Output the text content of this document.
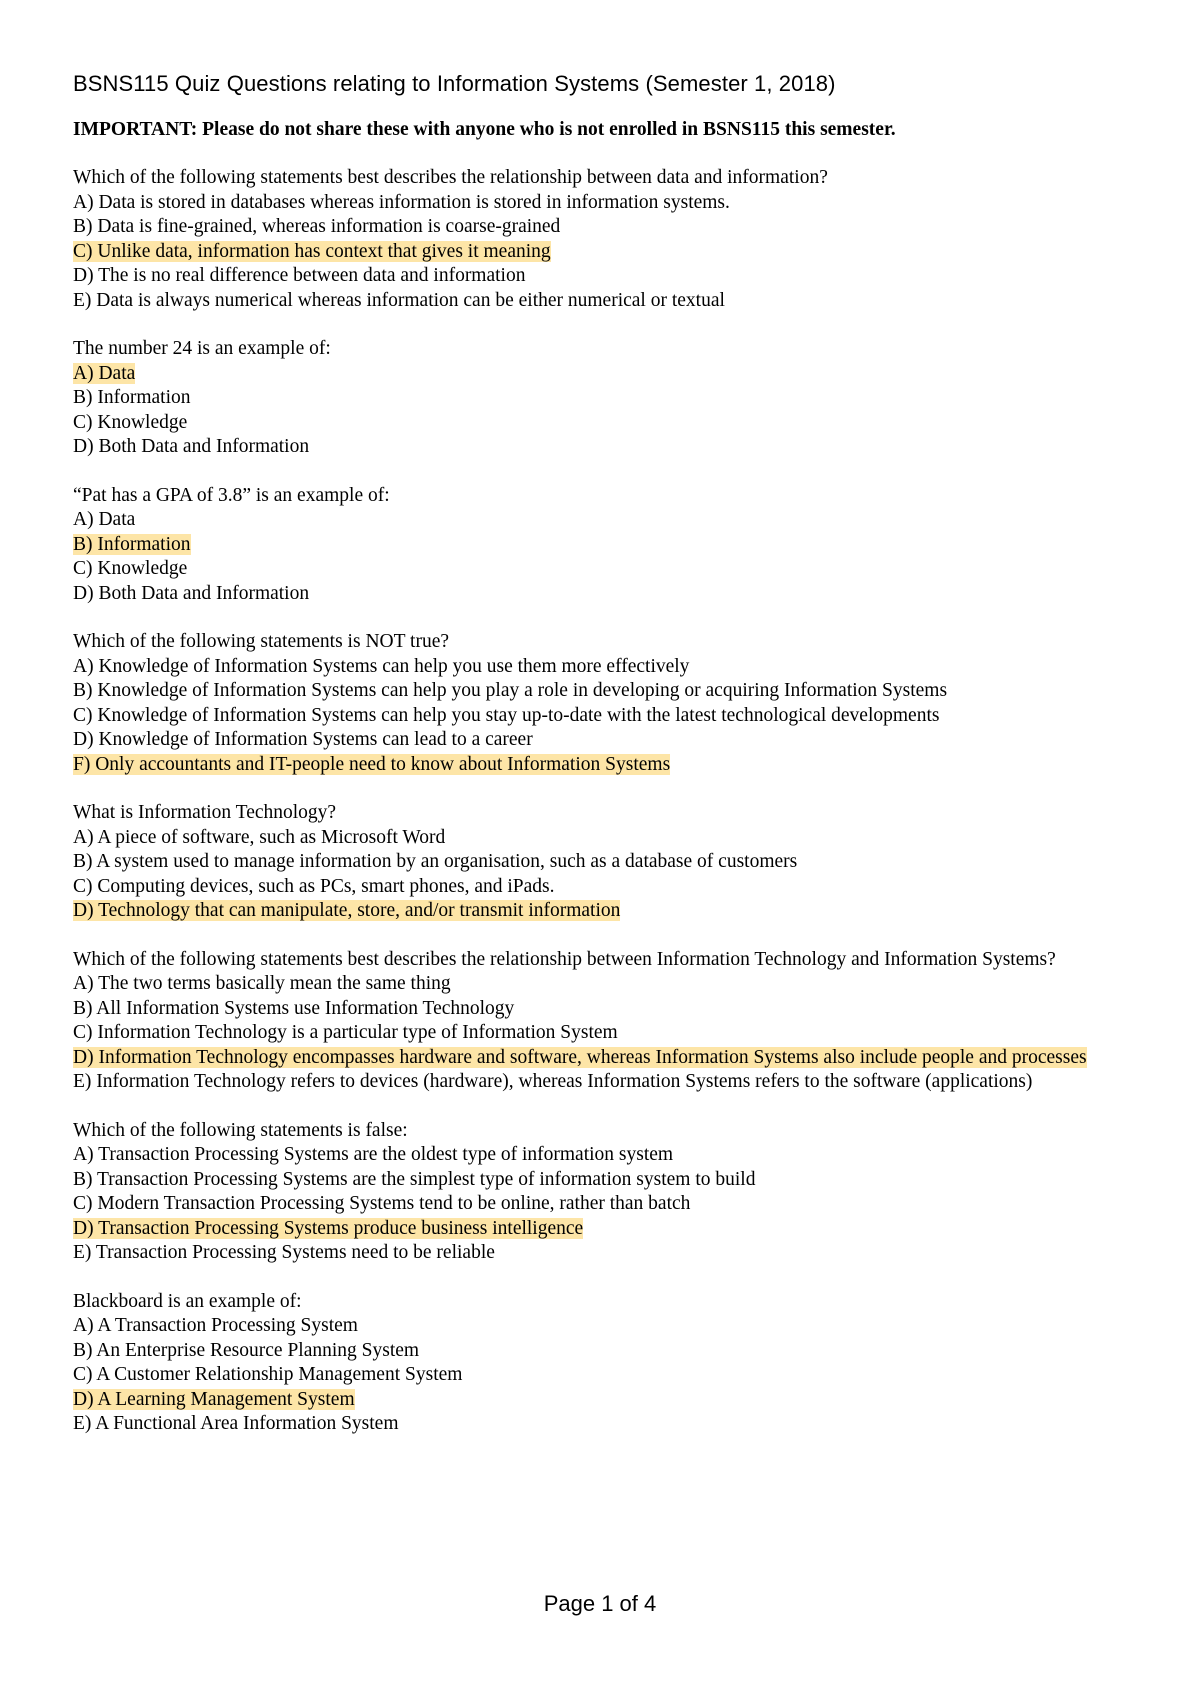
BSNS115 Quiz Questions relating to Information Systems (Semester 1, 2018)

IMPORTANT: Please do not share these with anyone who is not enrolled in BSNS115 this semester.

Which of the following statements best describes the relationship between data and information?
A) Data is stored in databases whereas information is stored in information systems.
B) Data is fine-grained, whereas information is coarse-grained
C) Unlike data, information has context that gives it meaning
D) The is no real difference between data and information
E) Data is always numerical whereas information can be either numerical or textual
The number 24 is an example of:
A) Data
B) Information
C) Knowledge
D) Both Data and Information
“Pat has a GPA of 3.8” is an example of:
A) Data
B) Information
C) Knowledge
D) Both Data and Information
Which of the following statements is NOT true?
A) Knowledge of Information Systems can help you use them more effectively
B) Knowledge of Information Systems can help you play a role in developing or acquiring Information Systems
C) Knowledge of Information Systems can help you stay up-to-date with the latest technological developments
D) Knowledge of Information Systems can lead to a career
F) Only accountants and IT-people need to know about Information Systems
What is Information Technology?
A) A piece of software, such as Microsoft Word
B) A system used to manage information by an organisation, such as a database of customers
C) Computing devices, such as PCs, smart phones, and iPads.
D) Technology that can manipulate, store, and/or transmit information
Which of the following statements best describes the relationship between Information Technology and Information Systems?
A) The two terms basically mean the same thing
B) All Information Systems use Information Technology
C) Information Technology is a particular type of Information System
D) Information Technology encompasses hardware and software, whereas Information Systems also include people and processes
E) Information Technology refers to devices (hardware), whereas Information Systems refers to the software (applications)
Which of the following statements is false:
A) Transaction Processing Systems are the oldest type of information system
B) Transaction Processing Systems are the simplest type of information system to build
C) Modern Transaction Processing Systems tend to be online, rather than batch
D) Transaction Processing Systems produce business intelligence
E) Transaction Processing Systems need to be reliable
Blackboard is an example of:
A) A Transaction Processing System
B) An Enterprise Resource Planning System
C) A Customer Relationship Management System
D) A Learning Management System
E) A Functional Area Information System
Page 1 of 4
